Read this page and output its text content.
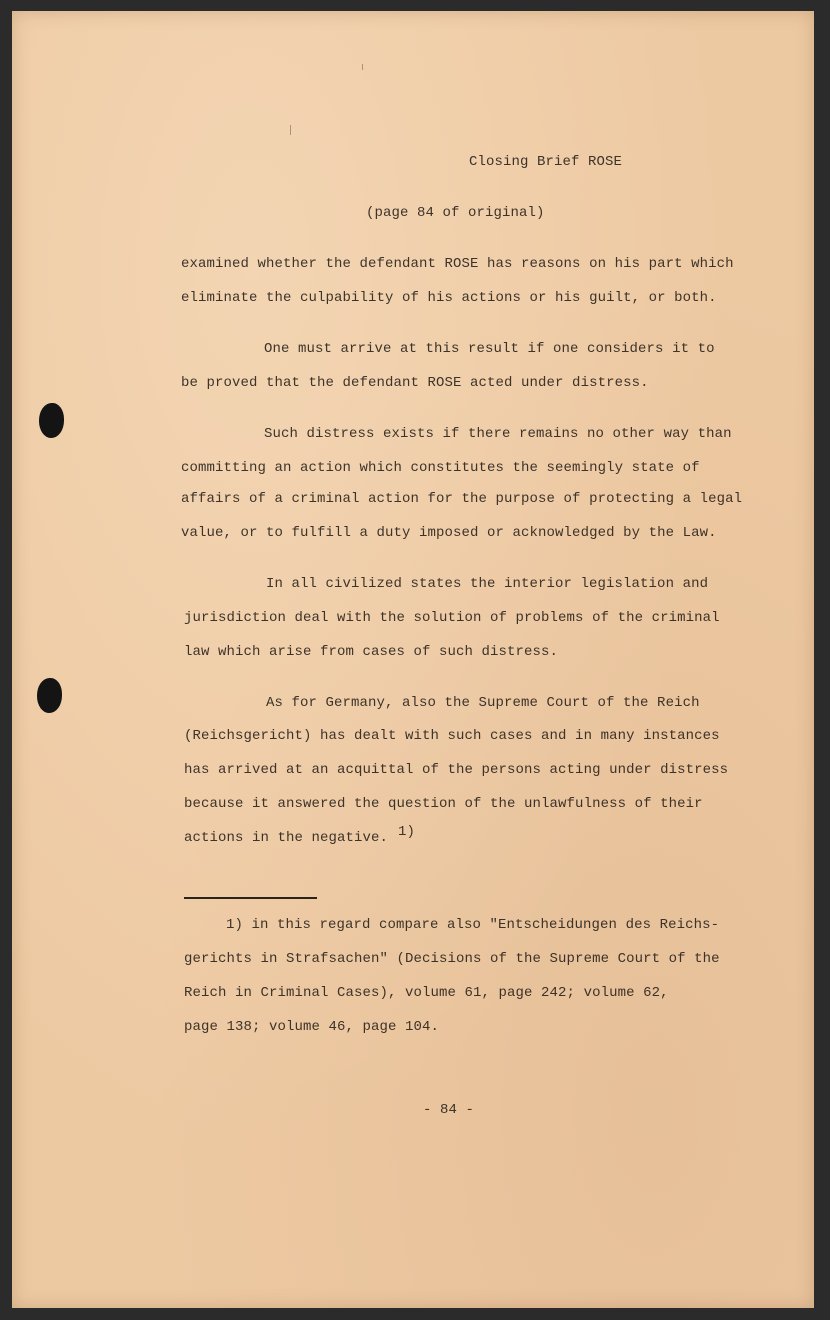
Closing Brief ROSE

(page 84 of original)

examined whether the defendant ROSE has reasons on his part which

eliminate the culpability of his actions or his guilt, or both.

One must arrive at this result if one considers it to

be proved that the defendant ROSE acted under distress.

Such distress exists if there remains no other way than

committing an action which constitutes the seemingly state of

affairs of a criminal action for the purpose of protecting a legal

value, or to fulfill a duty imposed or acknowledged by the Law.

In all civilized states the interior legislation and

jurisdiction deal with the solution of problems of the criminal

law which arise from cases of such distress.

As for Germany, also the Supreme Court of the Reich

(Reichsgericht) has dealt with such cases and in many instances

has arrived at an acquittal of the persons acting under distress

because it answered the question of the unlawfulness of their

actions in the negative. 1)

1) in this regard compare also "Entscheidungen des Reichs-

gerichts in Strafsachen" (Decisions of the Supreme Court of the

Reich in Criminal Cases), volume 61, page 242; volume 62,

page 138; volume 46, page 104.

- 84 -
